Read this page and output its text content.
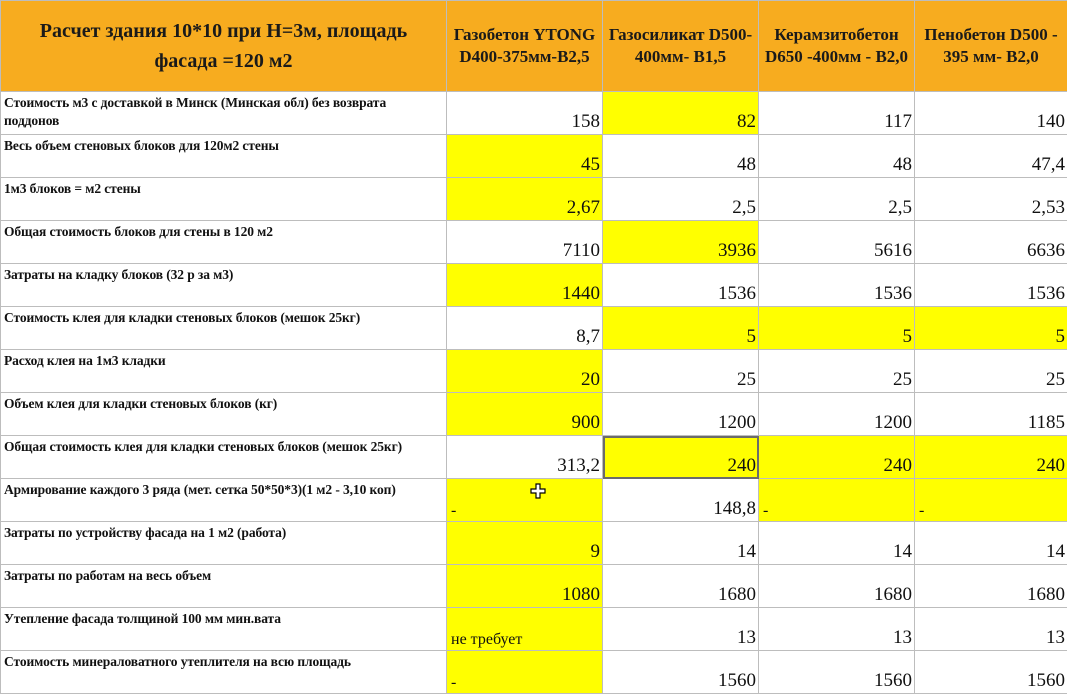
Расчет здания 10*10 при Н=3м, площадь фасада =120 м2	Газобетон YTONG D400-375мм-В2,5	Газосиликат D500-400мм- В1,5	Керамзитобетон D650 -400мм - В2,0	Пенобетон D500 - 395 мм- В2,0
Стоимость м3 с доставкой в Минск (Минская обл) без возврата поддонов	158	82	117	140
Весь объем стеновых блоков для 120м2 стены	45	48	48	47,4
1м3 блоков = м2 стены	2,67	2,5	2,5	2,53
Общая стоимость блоков для стены в 120 м2	7110	3936	5616	6636
Затраты на кладку блоков (32 р за м3)	1440	1536	1536	1536
Стоимость клея для кладки стеновых блоков (мешок 25кг)	8,7	5	5	5
Расход клея на 1м3 кладки	20	25	25	25
Объем клея для кладки стеновых блоков (кг)	900	1200	1200	1185
Общая стоимость клея для кладки стеновых блоков (мешок 25кг)	313,2	240	240	240
Армирование каждого 3 ряда (мет. сетка 50*50*3)(1 м2 - 3,10 коп)	-	148,8	-	-
Затраты по устройству фасада на 1 м2 (работа)	9	14	14	14
Затраты по работам на весь объем	1080	1680	1680	1680
Утепление фасада толщиной 100 мм мин.вата	не требует	13	13	13
Стоимость минераловатного утеплителя на всю площадь	-	1560	1560	1560
